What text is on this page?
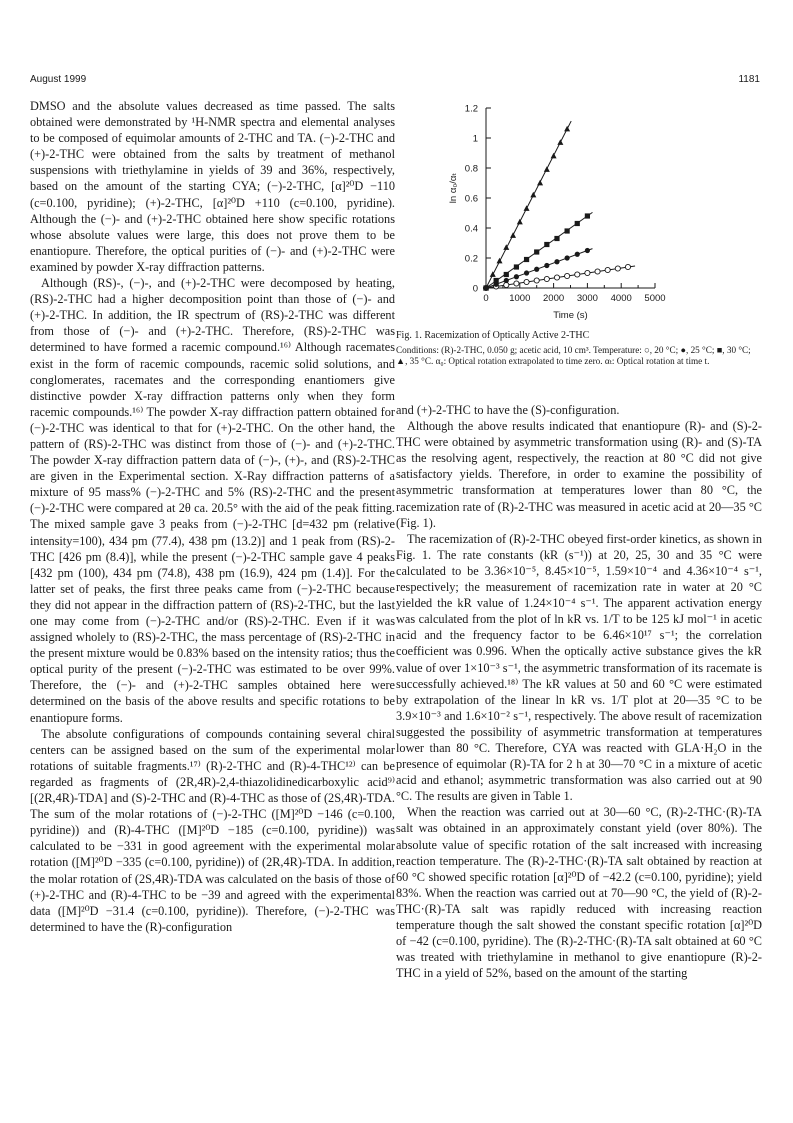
August 1999	1181

DMSO and the absolute values decreased as time passed. The salts obtained were demonstrated by ¹H-NMR spectra and elemental analyses to be composed of equimolar amounts of 2-THC and TA. (−)-2-THC and (+)-2-THC were obtained from the salts by treatment of methanol suspensions with triethylamine in yields of 39 and 36%, respectively, based on the amount of the starting CYA; (−)-2-THC, [α]²⁰D −110 (c=0.100, pyridine); (+)-2-THC, [α]²⁰D +110 (c=0.100, pyridine). Although the (−)- and (+)-2-THC obtained here show specific rotations whose absolute values were large, this does not prove them to be enantiopure. Therefore, the optical purities of (−)- and (+)-2-THC were examined by powder X-ray diffraction patterns.

Although (RS)-, (−)-, and (+)-2-THC were decomposed by heating, (RS)-2-THC had a higher decomposition point than those of (−)- and (+)-2-THC. In addition, the IR spectrum of (RS)-2-THC was different from those of (−)- and (+)-2-THC. Therefore, (RS)-2-THC was determined to have formed a racemic compound.¹⁶⁾ Although racemates exist in the form of racemic compounds, racemic solid solutions, and conglomerates, racemates and the corresponding enantiomers give distinctive powder X-ray diffraction patterns only when they form racemic compounds.¹⁶⁾ The powder X-ray diffraction pattern obtained for (−)-2-THC was identical to that for (+)-2-THC. On the other hand, the pattern of (RS)-2-THC was distinct from those of (−)- and (+)-2-THC. The powder X-ray diffraction pattern data of (−)-, (+)-, and (RS)-2-THC are given in the Experimental section. X-Ray diffraction patterns of a mixture of 95 mass% (−)-2-THC and 5% (RS)-2-THC and the present (−)-2-THC were compared at 2θ ca. 20.5° with the aid of the peak fitting. The mixed sample gave 3 peaks from (−)-2-THC [d=432 pm (relative intensity=100), 434 pm (77.4), 438 pm (13.2)] and 1 peak from (RS)-2-THC [426 pm (8.4)], while the present (−)-2-THC sample gave 4 peaks [432 pm (100), 434 pm (74.8), 438 pm (16.9), 424 pm (1.4)]. For the latter set of peaks, the first three peaks came from (−)-2-THC because they did not appear in the diffraction pattern of (RS)-2-THC, but the last one may come from (−)-2-THC and/or (RS)-2-THC. Even if it was assigned wholely to (RS)-2-THC, the mass percentage of (RS)-2-THC in the present mixture would be 0.83% based on the intensity ratios; thus the optical purity of the present (−)-2-THC was estimated to be over 99%. Therefore, the (−)- and (+)-2-THC samples obtained here were determined on the basis of the above results and specific rotations to be enantiopure forms.

The absolute configurations of compounds containing several chiral centers can be assigned based on the sum of the experimental molar rotations of suitable fragments.¹⁷⁾ (R)-2-THC and (R)-4-THC¹²⁾ can be regarded as fragments of (2R,4R)-2,4-thiazolidinedicarboxylic acid⁹⁾ [(2R,4R)-TDA] and (S)-2-THC and (R)-4-THC as those of (2S,4R)-TDA. The sum of the molar rotations of (−)-2-THC ([M]²⁰D −146 (c=0.100, pyridine)) and (R)-4-THC ([M]²⁰D −185 (c=0.100, pyridine)) was calculated to be −331 in good agreement with the experimental molar rotation ([M]²⁰D −335 (c=0.100, pyridine)) of (2R,4R)-TDA. In addition, the molar rotation of (2S,4R)-TDA was calculated on the basis of those of (+)-2-THC and (R)-4-THC to be −39 and agreed with the experimental data ([M]²⁰D −31.4 (c=0.100, pyridine)). Therefore, (−)-2-THC was determined to have the (R)-configuration

0
0.2
0.4
0.6
0.8
1
1.2
0 1000 2000 3000 4000 5000
Time (s)
ln α₀/αₜ
Fig. 1. Racemization of Optically Active 2-THC
Conditions: (R)-2-THC, 0.050 g; acetic acid, 10 cm³. Temperature: ○, 20 °C; ●, 25 °C; ■, 30 °C; ▲, 35 °C. α₀: Optical rotation extrapolated to time zero. αₜ: Optical rotation at time t.

and (+)-2-THC to have the (S)-configuration.

Although the above results indicated that enantiopure (R)- and (S)-2-THC were obtained by asymmetric transformation using (R)- and (S)-TA as the resolving agent, respectively, the reaction at 80 °C did not give satisfactory yields. Therefore, in order to examine the possibility of asymmetric transformation at temperatures lower than 80 °C, the racemization rate of (R)-2-THC was measured in acetic acid at 20—35 °C (Fig. 1).

The racemization of (R)-2-THC obeyed first-order kinetics, as shown in Fig. 1. The rate constants (kR (s⁻¹)) at 20, 25, 30 and 35 °C were calculated to be 3.36×10⁻⁵, 8.45×10⁻⁵, 1.59×10⁻⁴ and 4.36×10⁻⁴ s⁻¹, respectively; the measurement of racemization rate in water at 20 °C yielded the kR value of 1.24×10⁻⁴ s⁻¹. The apparent activation energy was calculated from the plot of ln kR vs. 1/T to be 125 kJ mol⁻¹ in acetic acid and the frequency factor to be 6.46×10¹⁷ s⁻¹; the correlation coefficient was 0.996. When the optically active substance gives the kR value of over 1×10⁻³ s⁻¹, the asymmetric transformation of its racemate is successfully achieved.¹⁸⁾ The kR values at 50 and 60 °C were estimated by extrapolation of the linear ln kR vs. 1/T plot at 20—35 °C to be 3.9×10⁻³ and 1.6×10⁻² s⁻¹, respectively. The above result of racemization suggested the possibility of asymmetric transformation at temperatures lower than 80 °C. Therefore, CYA was reacted with GLA·H₂O in the presence of equimolar (R)-TA for 2 h at 30—70 °C in a mixture of acetic acid and ethanol; asymmetric transformation was also carried out at 90 °C. The results are given in Table 1.

When the reaction was carried out at 30—60 °C, (R)-2-THC·(R)-TA salt was obtained in an approximately constant yield (over 80%). The absolute value of specific rotation of the salt increased with increasing reaction temperature. The (R)-2-THC·(R)-TA salt obtained by reaction at 60 °C showed specific rotation [α]²⁰D of −42.2 (c=0.100, pyridine); yield 83%. When the reaction was carried out at 70—90 °C, the yield of (R)-2-THC·(R)-TA salt was rapidly reduced with increasing reaction temperature though the salt showed the constant specific rotation [α]²⁰D of −42 (c=0.100, pyridine). The (R)-2-THC·(R)-TA salt obtained at 60 °C was treated with triethylamine in methanol to give enantiopure (R)-2-THC in a yield of 52%, based on the amount of the starting
